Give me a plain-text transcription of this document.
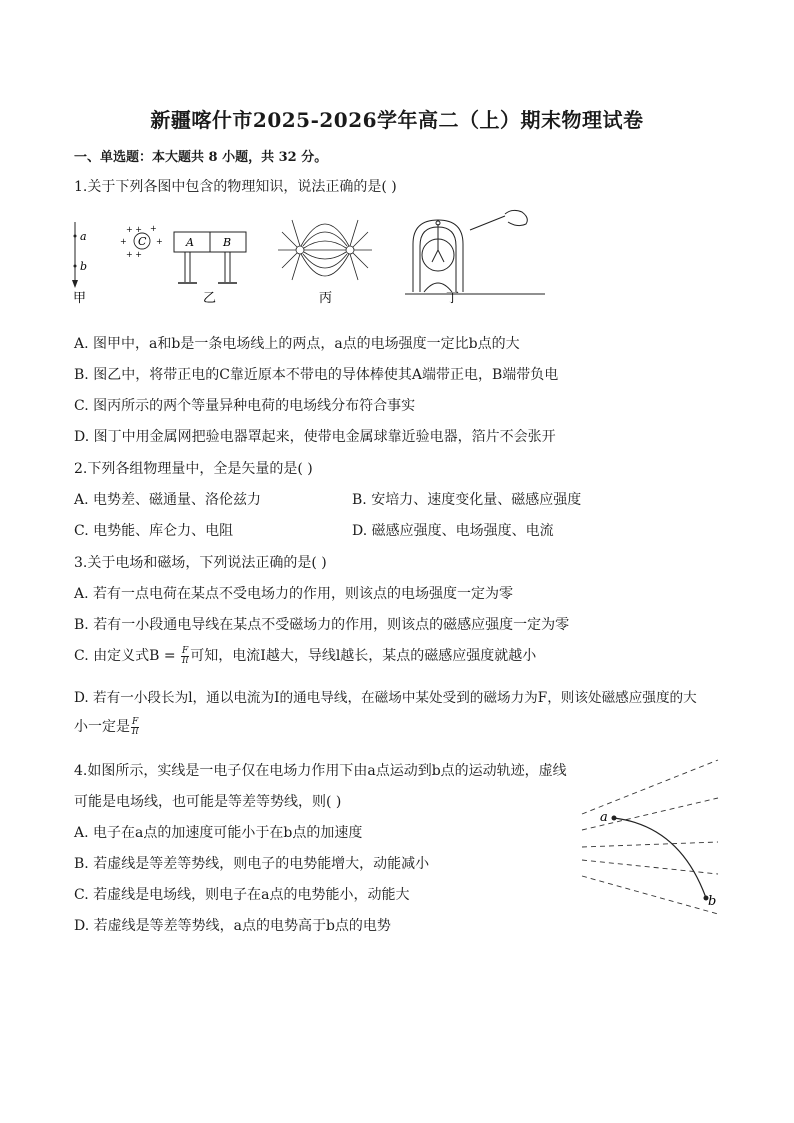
新疆喀什市2025-2026学年高二（上）期末物理试卷
一、单选题：本大题共 8 小题，共 32 分。
1.关于下列各图中包含的物理知识，说法正确的是( )
a
b
C
+ +
+	+
+ +
+
A	B
甲	乙	丙	丁
A. 图甲中，a和b是一条电场线上的两点，a点的电场强度一定比b点的大
B. 图乙中，将带正电的C靠近原本不带电的导体棒使其A端带正电，B端带负电
C. 图丙所示的两个等量异种电荷的电场线分布符合事实
D. 图丁中用金属网把验电器罩起来，使带电金属球靠近验电器，箔片不会张开
2.下列各组物理量中，全是矢量的是( )
A. 电势差、磁通量、洛伦兹力	B. 安培力、速度变化量、磁感应强度
C. 电势能、库仑力、电阻	D. 磁感应强度、电场强度、电流
3.关于电场和磁场，下列说法正确的是( )
A. 若有一点电荷在某点不受电场力的作用，则该点的电场强度一定为零
B. 若有一小段通电导线在某点不受磁场力的作用，则该点的磁感应强度一定为零
C. 由定义式$B = \frac{F}{Il}$ 可知，电流I越大，导线l越长，某点的磁感应强度就越小
D. 若有一小段长为l，通以电流为I的通电导线，在磁场中某处受到的磁场力为F，则该处磁感应强度的大
小一定是 $\frac{F}{Il}$
4.如图所示，实线是一电子仅在电场力作用下由a点运动到b点的运动轨迹，虚线
可能是电场线，也可能是等差等势线，则( )
a
b
A. 电子在a点的加速度可能小于在b点的加速度
B. 若虚线是等差等势线，则电子的电势能增大，动能减小
C. 若虚线是电场线，则电子在a点的电势能小，动能大
D. 若虚线是等差等势线，a点的电势高于b点的电势
